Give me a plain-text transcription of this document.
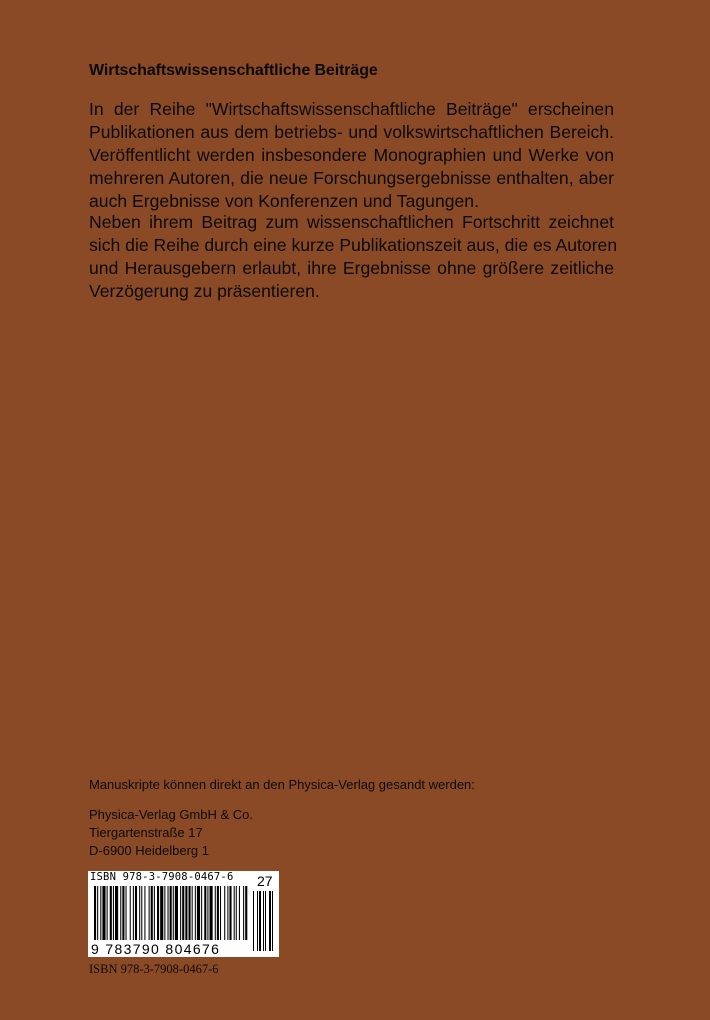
Wirtschaftswissenschaftliche Beiträge
In der Reihe "Wirtschaftswissenschaftliche Beiträge" erscheinen
Publikationen aus dem betriebs- und volkswirtschaftlichen Bereich.
Veröffentlicht werden insbesondere Monographien und Werke von
mehreren Autoren, die neue Forschungsergebnisse enthalten, aber
auch Ergebnisse von Konferenzen und Tagungen.
Neben ihrem Beitrag zum wissenschaftlichen Fortschritt zeichnet
sich die Reihe durch eine kurze Publikationszeit aus, die es Autoren
und Herausgebern erlaubt, ihre Ergebnisse ohne größere zeitliche
Verzögerung zu präsentieren.

Manuskripte können direkt an den Physica-Verlag gesandt werden:

Physica-Verlag GmbH & Co.
Tiergartenstraße 17
D-6900 Heidelberg 1
ISBN 978-3-7908-0467-6 27
9 783790 804676

ISBN 978-3-7908-0467-6
